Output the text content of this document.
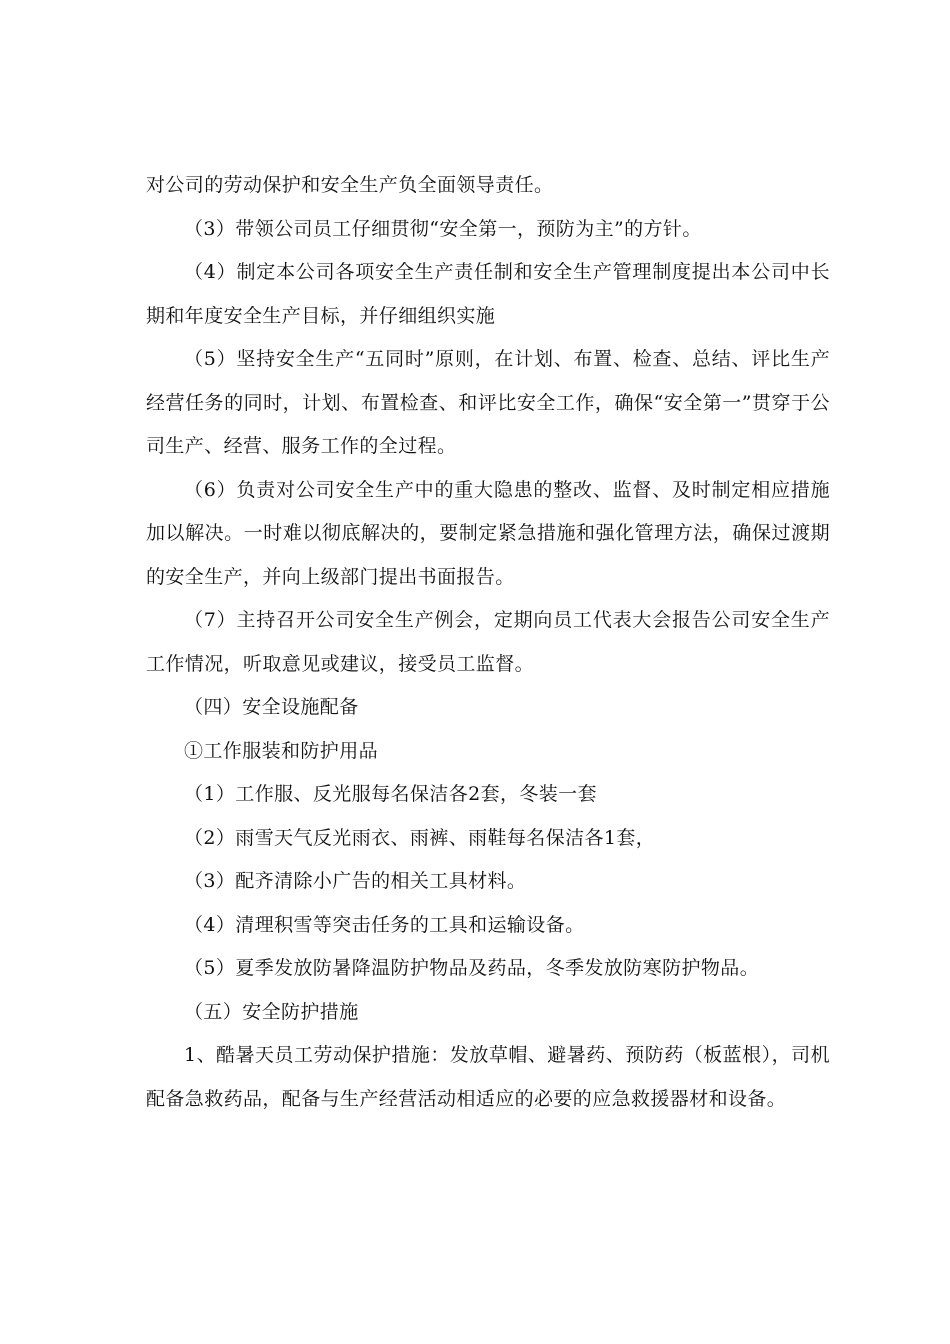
对公司的劳动保护和安全生产负全面领导责任。

（3）带领公司员工仔细贯彻“安全第一，预防为主”的方针。

（4）制定本公司各项安全生产责任制和安全生产管理制度提出本公司中长期和年度安全生产目标，并仔细组织实施

（5）坚持安全生产“五同时”原则，在计划、布置、检查、总结、评比生产经营任务的同时，计划、布置检查、和评比安全工作，确保“安全第一”贯穿于公司生产、经营、服务工作的全过程。

（6）负责对公司安全生产中的重大隐患的整改、监督、及时制定相应措施加以解决。一时难以彻底解决的，要制定紧急措施和强化管理方法，确保过渡期的安全生产，并向上级部门提出书面报告。

（7）主持召开公司安全生产例会，定期向员工代表大会报告公司安全生产工作情况，听取意见或建议，接受员工监督。

（四）安全设施配备

①工作服装和防护用品

（1）工作服、反光服每名保洁各2套，冬装一套

（2）雨雪天气反光雨衣、雨裤、雨鞋每名保洁各1套，

（3）配齐清除小广告的相关工具材料。

（4）清理积雪等突击任务的工具和运输设备。

（5）夏季发放防暑降温防护物品及药品，冬季发放防寒防护物品。

（五）安全防护措施

1、酷暑天员工劳动保护措施：发放草帽、避暑药、预防药（板蓝根），司机配备急救药品，配备与生产经营活动相适应的必要的应急救援器材和设备。
